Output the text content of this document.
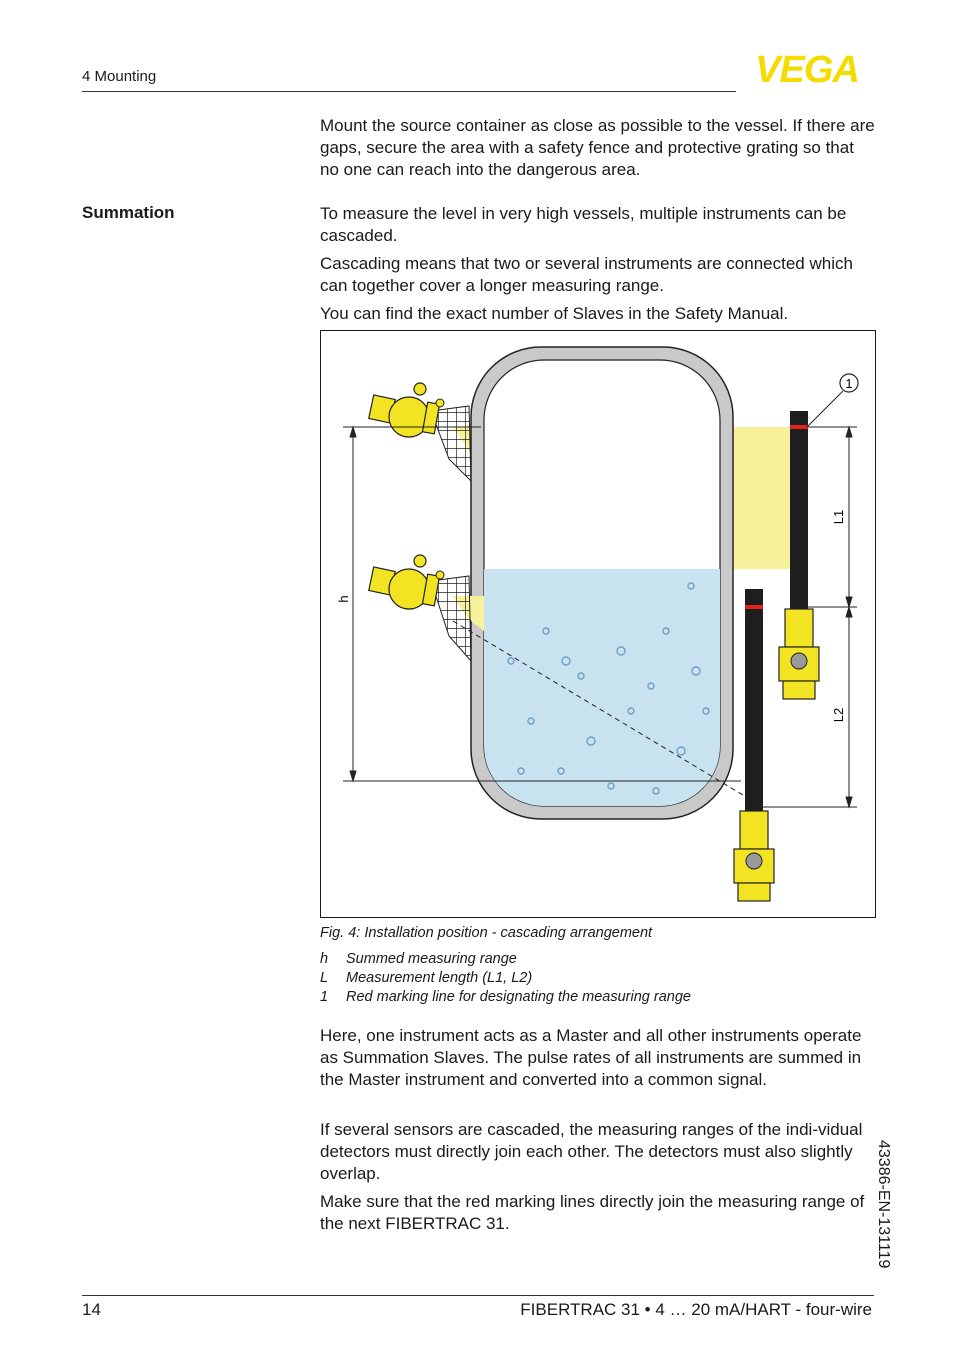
4 Mounting	VEGA
Mount the source container as close as possible to the vessel. If there are gaps, secure the area with a safety fence and protective grating so that no one can reach into the dangerous area.
Summation	To measure the level in very high vessels, multiple instruments can be cascaded.
Cascading means that two or several instruments are connected which can together cover a longer measuring range.
You can find the exact number of Slaves in the Safety Manual.
h
L1
L2
1
Fig. 4: Installation position - cascading arrangement
h Summed measuring range
L Measurement length (L1, L2)
1 Red marking line for designating the measuring range
Here, one instrument acts as a Master and all other instruments operate as Summation Slaves. The pulse rates of all instruments are summed in the Master instrument and converted into a common signal.
If several sensors are cascaded, the measuring ranges of the indi-vidual detectors must directly join each other. The detectors must also slightly overlap.
Make sure that the red marking lines directly join the measuring range of the next FIBERTRAC 31.	43386-EN-131119
14	FIBERTRAC 31 • 4 … 20 mA/HART - four-wire
